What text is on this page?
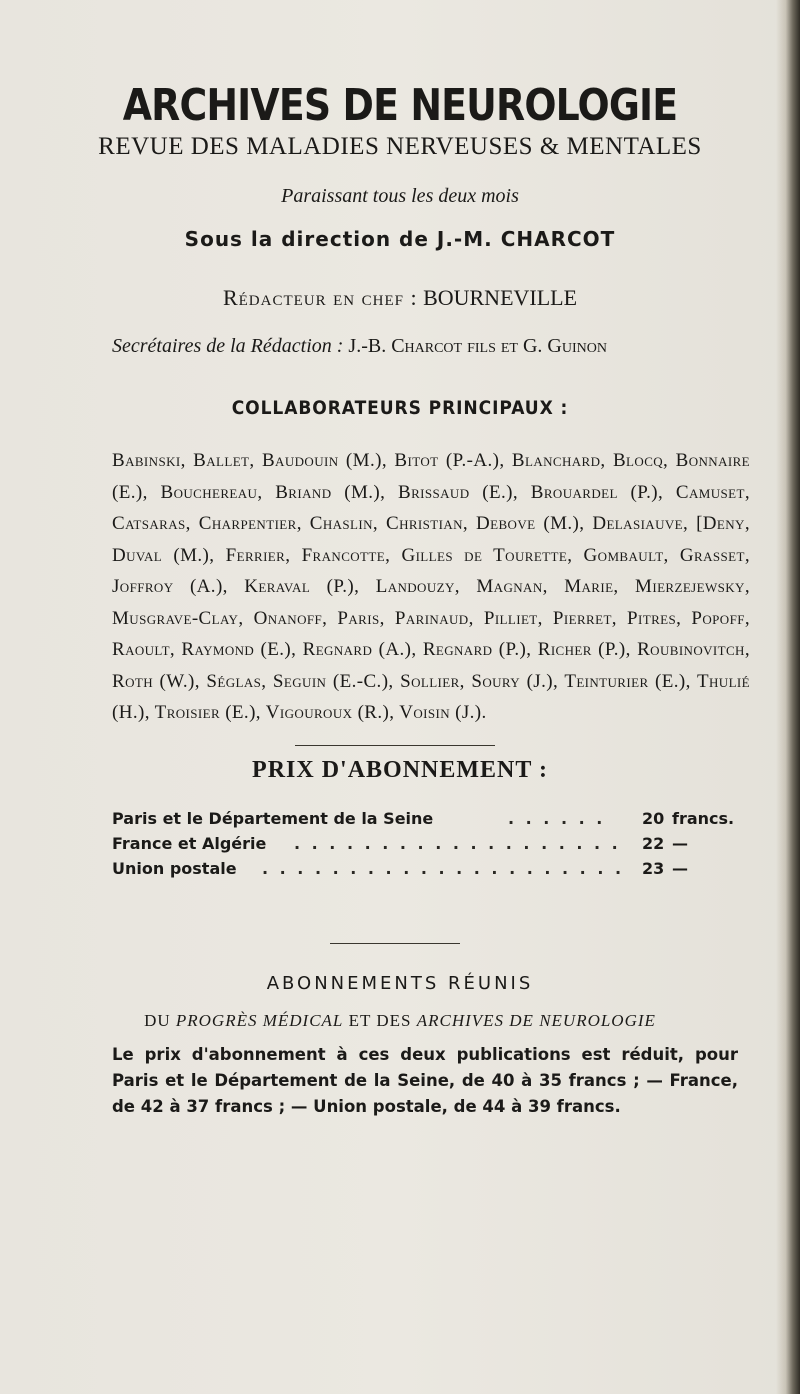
ARCHIVES DE NEUROLOGIE
REVUE DES MALADIES NERVEUSES & MENTALES
Paraissant tous les deux mois
Sous la direction de J.-M. CHARCOT
Rédacteur en chef : BOURNEVILLE
Secrétaires de la Rédaction : J.-B. Charcot fils et G. Guinon
COLLABORATEURS PRINCIPAUX :
Babinski, Ballet, Baudouin (M.), Bitot (P.-A.), Blanchard, Blocq, Bonnaire (E.), Bouchereau, Briand (M.), Brissaud (E.), Brouardel (P.), Camuset, Catsaras, Charpentier, Chaslin, Christian, Debove (M.), Delasiauve, [Deny, Duval (M.), Ferrier, Francotte, Gilles de Tourette, Gombault, Grasset, Joffroy (A.), Keraval (P.), Landouzy, Magnan, Marie, Mierzejewsky, Musgrave-Clay, Onanoff, Paris, Parinaud, Pilliet, Pierret, Pitres, Popoff, Raoult, Raymond (E.), Regnard (A.), Regnard (P.), Richer (P.), Roubinovitch, Roth (W.), Séglas, Seguin (E.-C.), Sollier, Soury (J.), Teinturier (E.), Thulié (H.), Troisier (E.), Vigouroux (R.), Voisin (J.).
PRIX D'ABONNEMENT :
Paris et le Département de la Seine	. . . . . . 20 francs.
France et Algérie . . . . . . . . . . . . . . . . . . . 22 —
Union postale . . . . . . . . . . . . . . . . . . . . . 23 —
ABONNEMENTS RÉUNIS
DU PROGRÈS MÉDICAL ET DES ARCHIVES DE NEUROLOGIE
Le prix d'abonnement à ces deux publications est réduit, pour Paris et le Département de la Seine, de 40 à 35 francs ; — France, de 42 à 37 francs ; — Union postale, de 44 à 39 francs.
